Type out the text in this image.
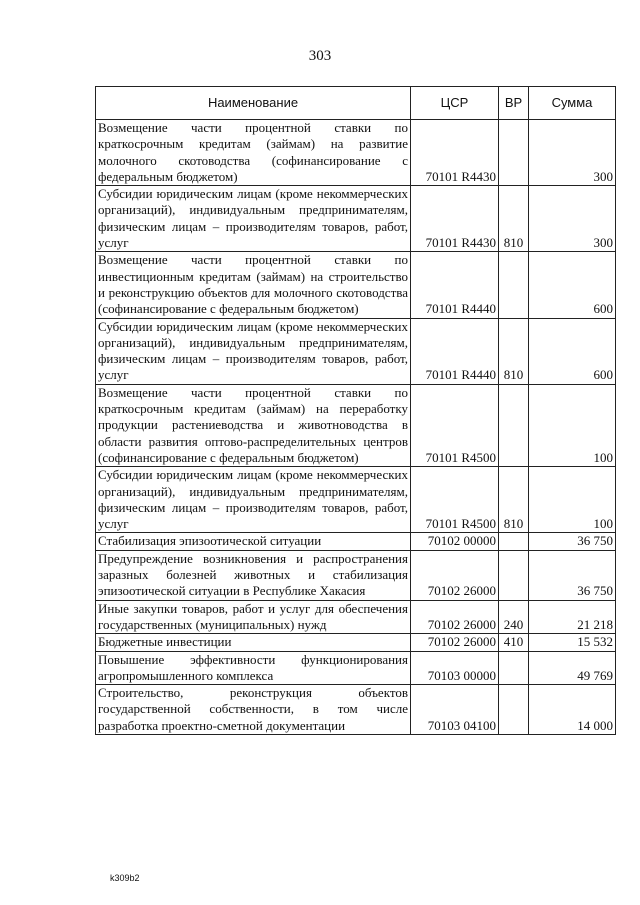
303
Наименование	ЦСР	ВР	Сумма
Возмещение части процентной ставки по краткосрочным кредитам (займам) на развитие молочного скотоводства (софинансирование с федеральным бюджетом)	70101 R4430		300
Субсидии юридическим лицам (кроме некоммерческих организаций), индивидуальным предпринимателям, физическим лицам – производителям товаров, работ, услуг	70101 R4430	810	300
Возмещение части процентной ставки по инвестиционным кредитам (займам) на строительство и реконструкцию объектов для молочного скотоводства (софинансирование с федеральным бюджетом)	70101 R4440		600
Субсидии юридическим лицам (кроме некоммерческих организаций), индивидуальным предпринимателям, физическим лицам – производителям товаров, работ, услуг	70101 R4440	810	600
Возмещение части процентной ставки по краткосрочным кредитам (займам) на переработку продукции растениеводства и животноводства в области развития оптово-распределительных центров (софинансирование с федеральным бюджетом)	70101 R4500		100
Субсидии юридическим лицам (кроме некоммерческих организаций), индивидуальным предпринимателям, физическим лицам – производителям товаров, работ, услуг	70101 R4500	810	100
Стабилизация эпизоотической ситуации	70102 00000		36 750
Предупреждение возникновения и распространения заразных болезней животных и стабилизация эпизоотической ситуации в Республике Хакасия	70102 26000		36 750
Иные закупки товаров, работ и услуг для обеспечения государственных (муниципальных) нужд	70102 26000	240	21 218
Бюджетные инвестиции	70102 26000	410	15 532
Повышение эффективности функционирования агропромышленного комплекса	70103 00000		49 769
Строительство, реконструкция объектов государственной собственности, в том числе разработка проектно-сметной документации	70103 04100		14 000
k309b2
